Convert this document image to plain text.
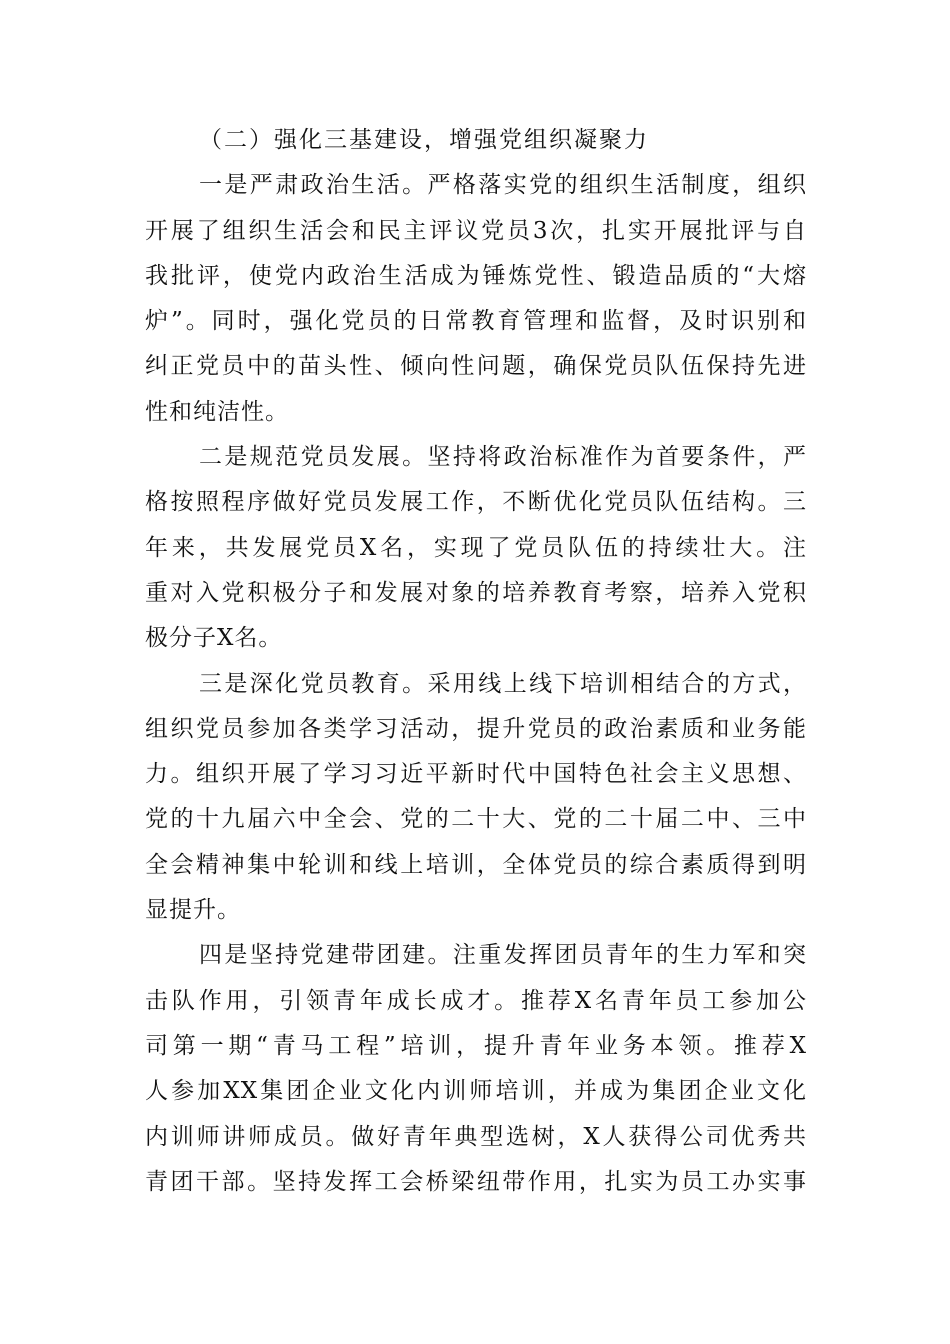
（二）强化三基建设，增强党组织凝聚力
一是严肃政治生活。严格落实党的组织生活制度，组织
开展了组织生活会和民主评议党员3次，扎实开展批评与自
我批评，使党内政治生活成为锤炼党性、锻造品质的“大熔
炉”。同时，强化党员的日常教育管理和监督，及时识别和
纠正党员中的苗头性、倾向性问题，确保党员队伍保持先进
性和纯洁性。
二是规范党员发展。坚持将政治标准作为首要条件，严
格按照程序做好党员发展工作，不断优化党员队伍结构。三
年来，共发展党员X名，实现了党员队伍的持续壮大。注
重对入党积极分子和发展对象的培养教育考察，培养入党积
极分子X名。
三是深化党员教育。采用线上线下培训相结合的方式，
组织党员参加各类学习活动，提升党员的政治素质和业务能
力。组织开展了学习习近平新时代中国特色社会主义思想、
党的十九届六中全会、党的二十大、党的二十届二中、三中
全会精神集中轮训和线上培训，全体党员的综合素质得到明
显提升。
四是坚持党建带团建。注重发挥团员青年的生力军和突
击队作用，引领青年成长成才。推荐X名青年员工参加公
司第一期“青马工程”培训，提升青年业务本领。推荐X
人参加XX集团企业文化内训师培训，并成为集团企业文化
内训师讲师成员。做好青年典型选树，X人获得公司优秀共
青团干部。坚持发挥工会桥梁纽带作用，扎实为员工办实事
